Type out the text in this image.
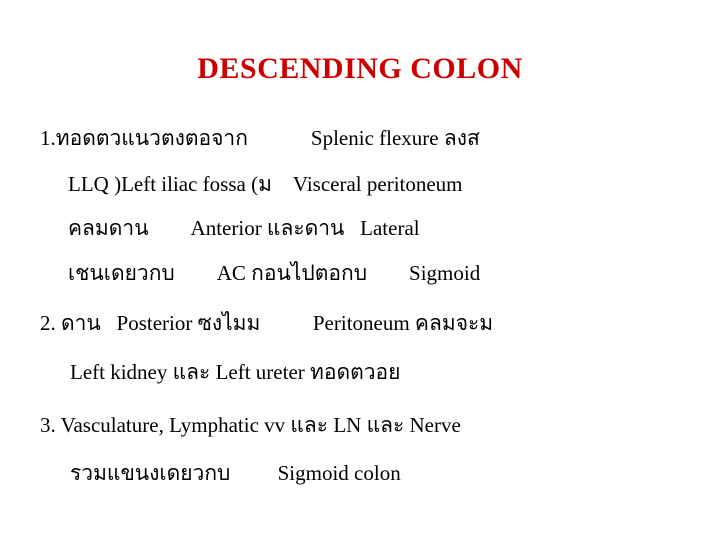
DESCENDING COLON
1.ทอดตวแนวตงตอจาก            Splenic flexure ลงส
LLQ )Left iliac fossa (ม    Visceral peritoneum
คลมดาน        Anterior และดาน   Lateral
เชนเดยวกบ        AC กอนไปตอกบ        Sigmoid
2. ดาน   Posterior ซงไมม          Peritoneum คลมจะม
Left kidney และ Left ureter ทอดตวอย
3. Vasculature, Lymphatic vv และ LN และ Nerve
รวมแขนงเดยวกบ         Sigmoid colon
